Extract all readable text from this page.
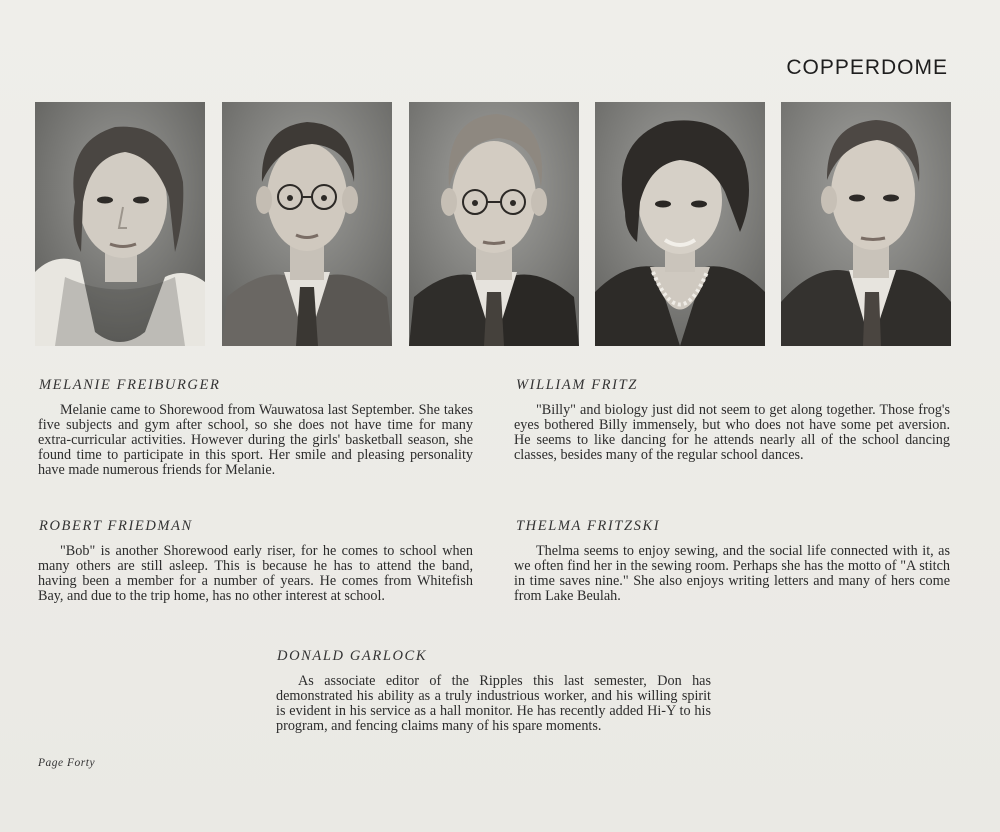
COPPERDOME
MELANIE FREIBURGER

Melanie came to Shorewood from Wauwatosa last September. She takes five subjects and gym after school, so she does not have time for many extra-curricular activities. However during the girls' basketball season, she found time to participate in this sport. Her smile and pleasing personality have made numerous friends for Melanie.

WILLIAM FRITZ

"Billy" and biology just did not seem to get along together. Those frog's eyes bothered Billy immensely, but who does not have some pet aversion. He seems to like dancing for he attends nearly all of the school dancing classes, besides many of the regular school dances.

ROBERT FRIEDMAN

"Bob" is another Shorewood early riser, for he comes to school when many others are still asleep. This is because he has to attend the band, having been a member for a number of years. He comes from Whitefish Bay, and due to the trip home, has no other interest at school.

THELMA FRITZSKI

Thelma seems to enjoy sewing, and the social life connected with it, as we often find her in the sewing room. Perhaps she has the motto of "A stitch in time saves nine." She also enjoys writing letters and many of hers come from Lake Beulah.

DONALD GARLOCK

As associate editor of the Ripples this last semester, Don has demonstrated his ability as a truly industrious worker, and his willing spirit is evident in his service as a hall monitor. He has recently added Hi-Y to his program, and fencing claims many of his spare moments.

Page Forty
